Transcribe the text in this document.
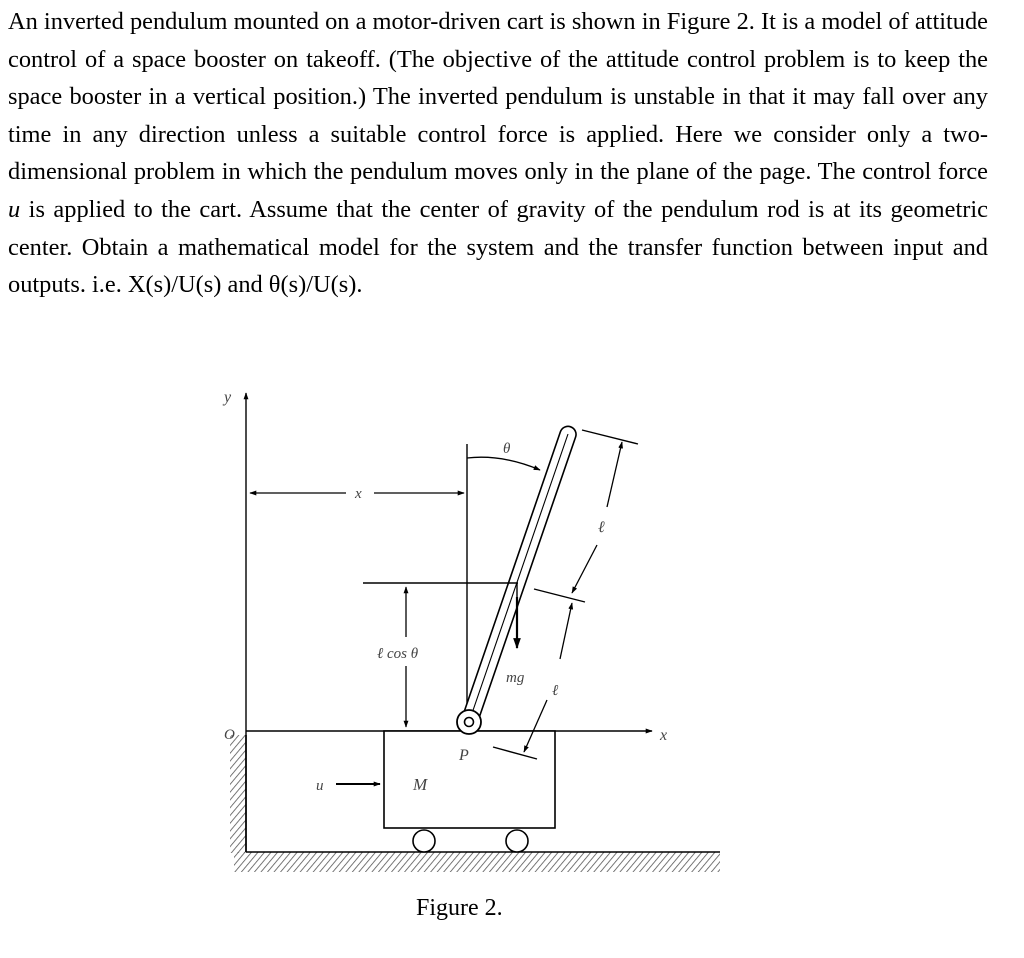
An inverted pendulum mounted on a motor-driven cart is shown in Figure 2. It is a model of attitude control of a space booster on takeoff. (The objective of the attitude control problem is to keep the space booster in a vertical position.) The inverted pendulum is unstable in that it may fall over any time in any direction unless a suitable control force is applied. Here we consider only a two-dimensional problem in which the pendulum moves only in the plane of the page. The control force u is applied to the cart. Assume that the center of gravity of the pendulum rod is at its geometric center. Obtain a mathematical model for the system and the transfer function between input and outputs. i.e. X(s)/U(s) and θ(s)/U(s).

y
x
O
M
u
x
θ
P
mg
ℓ cos θ
ℓ
ℓ
Figure 2.
